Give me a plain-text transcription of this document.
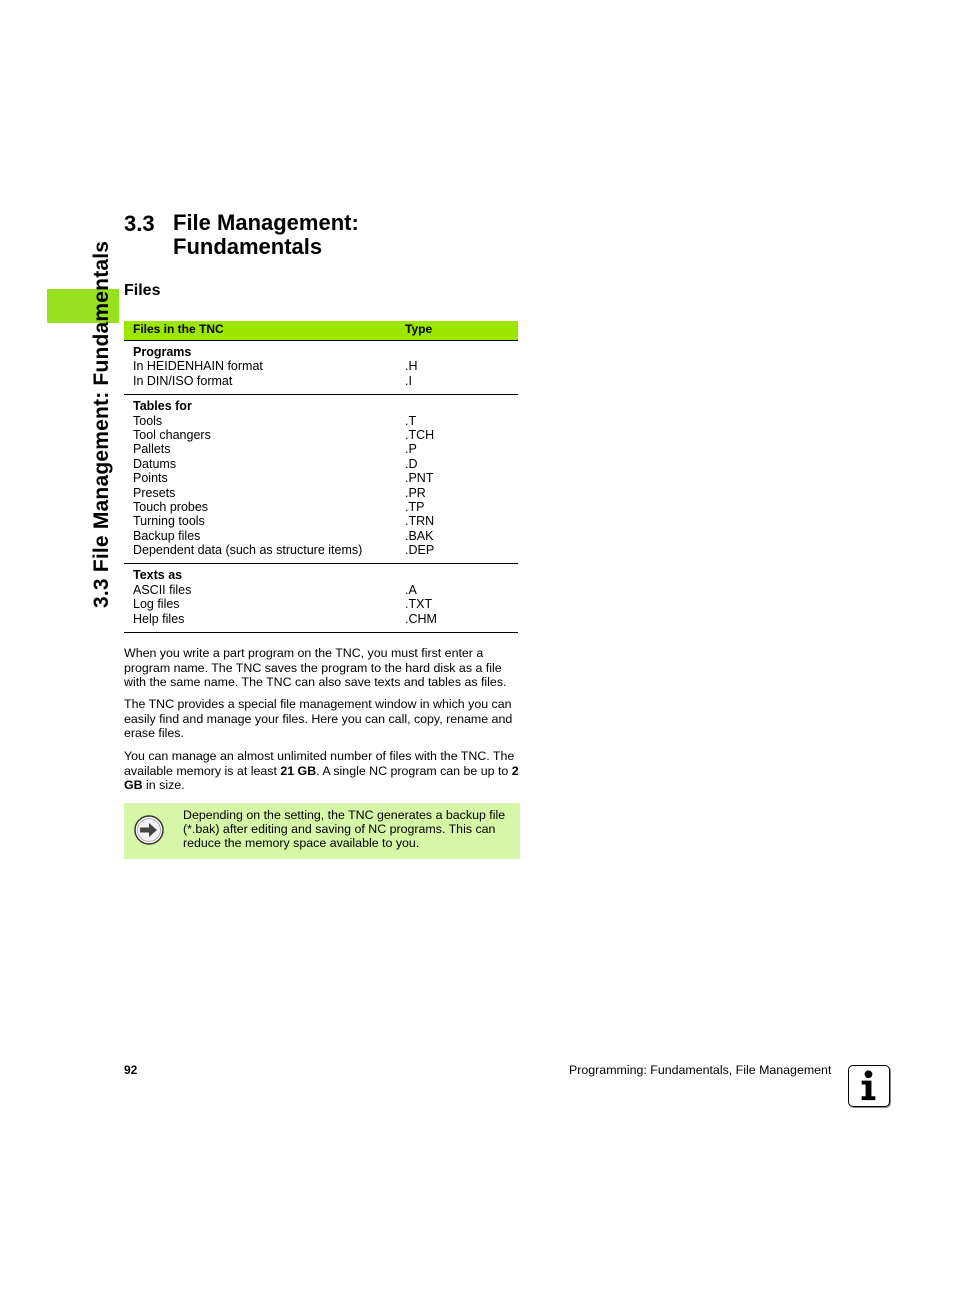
3.3 File Management: Fundamentals
3.3 File Management:
Fundamentals
Files
Files in the TNC	Type
Programs
In HEIDENHAIN format	.H
In DIN/ISO format	.I
Tables for
Tools	.T
Tool changers	.TCH
Pallets	.P
Datums	.D
Points	.PNT
Presets	.PR
Touch probes	.TP
Turning tools	.TRN
Backup files	.BAK
Dependent data (such as structure items)	.DEP
Texts as
ASCII files	.A
Log files	.TXT
Help files	.CHM
When you write a part program on the TNC, you must first enter a program name. The TNC saves the program to the hard disk as a file with the same name. The TNC can also save texts and tables as files.
The TNC provides a special file management window in which you can easily find and manage your files. Here you can call, copy, rename and erase files.
You can manage an almost unlimited number of files with the TNC. The available memory is at least 21 GB. A single NC program can be up to 2 GB in size.
Depending on the setting, the TNC generates a backup file (*.bak) after editing and saving of NC programs. This can reduce the memory space available to you.
92	Programming: Fundamentals, File Management
